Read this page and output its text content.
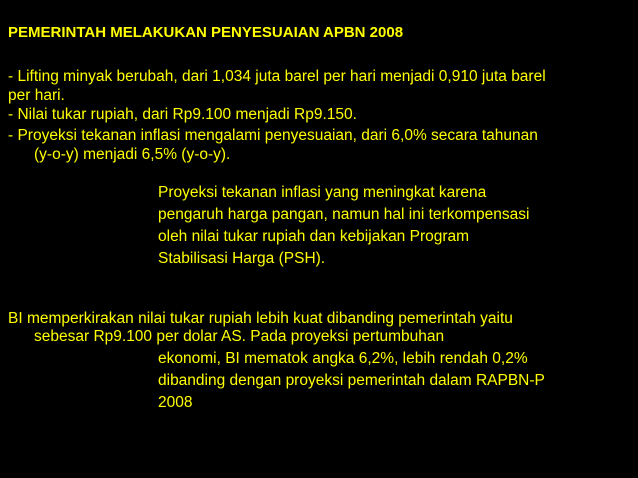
PEMERINTAH MELAKUKAN PENYESUAIAN APBN 2008
- Lifting minyak berubah, dari 1,034 juta barel per hari menjadi 0,910 juta barel
per hari.
- Nilai tukar rupiah, dari Rp9.100 menjadi Rp9.150.
- Proyeksi tekanan inflasi mengalami penyesuaian, dari 6,0% secara tahunan
(y-o-y) menjadi 6,5% (y-o-y).
Proyeksi tekanan inflasi yang meningkat karena
pengaruh harga pangan, namun hal ini terkompensasi
oleh nilai tukar rupiah dan kebijakan Program
Stabilisasi Harga (PSH).
BI memperkirakan nilai tukar rupiah lebih kuat dibanding pemerintah yaitu
sebesar Rp9.100 per dolar AS. Pada proyeksi pertumbuhan
ekonomi, BI mematok angka 6,2%, lebih rendah 0,2%
dibanding dengan proyeksi pemerintah dalam RAPBN-P
2008
